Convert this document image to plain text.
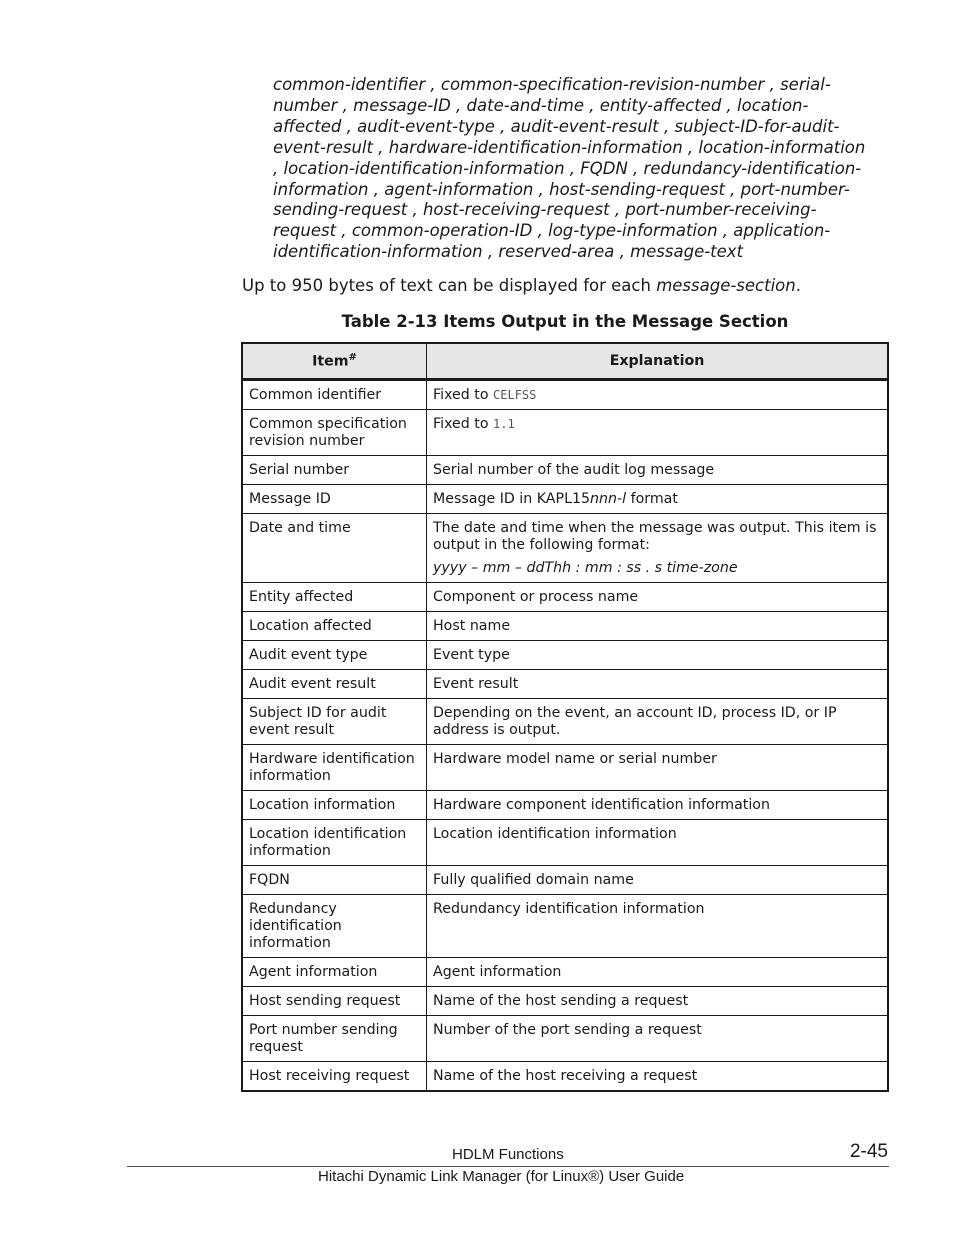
common-identifier , common-specification-revision-number , serial-number , message-ID , date-and-time , entity-affected , location-affected , audit-event-type , audit-event-result , subject-ID-for-audit-event-result , hardware-identification-information , location-information , location-identification-information , FQDN , redundancy-identification-information , agent-information , host-sending-request , port-number-sending-request , host-receiving-request , port-number-receiving-request , common-operation-ID , log-type-information , application-identification-information , reserved-area , message-text
Up to 950 bytes of text can be displayed for each message-section.
Table 2-13 Items Output in the Message Section
Item#	Explanation
Common identifier	Fixed to CELFSS
Common specification revision number	Fixed to 1.1
Serial number	Serial number of the audit log message
Message ID	Message ID in KAPL15nnn-l format
Date and time	The date and time when the message was output. This item is output in the following format:
yyyy – mm – ddThh : mm : ss . s time-zone

Entity affected	Component or process name
Location affected	Host name
Audit event type	Event type
Audit event result	Event result
Subject ID for audit event result	Depending on the event, an account ID, process ID, or IP address is output.
Hardware identification information	Hardware model name or serial number
Location information	Hardware component identification information
Location identification information	Location identification information
FQDN	Fully qualified domain name
Redundancy identification information	Redundancy identification information
Agent information	Agent information
Host sending request	Name of the host sending a request
Port number sending request	Number of the port sending a request
Host receiving request	Name of the host receiving a request
HDLM Functions	2-45
Hitachi Dynamic Link Manager (for Linux®) User Guide
